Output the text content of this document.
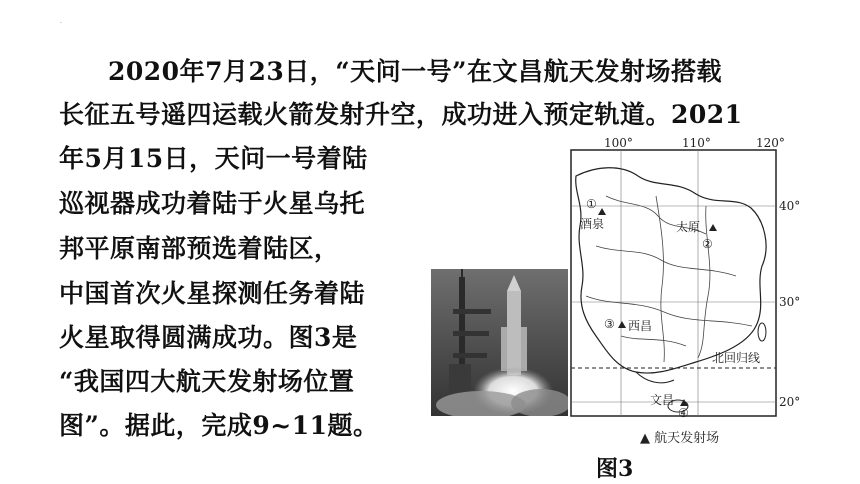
·
2020年7月23日，“天问一号”在文昌航天发射场搭载
长征五号遥四运载火箭发射升空，成功进入预定轨道。2021
年5月15日，天问一号着陆
巡视器成功着陆于火星乌托
邦平原南部预选着陆区，
中国首次火星探测任务着陆
火星取得圆满成功。图3是
“我国四大航天发射场位置
图”。据此，完成9~11题。
北回归线
100°	110°	120°
40°
30°
20°
①
酒泉	太原
②
③ 西昌
文昌
④
▲ 航天发射场
图3
